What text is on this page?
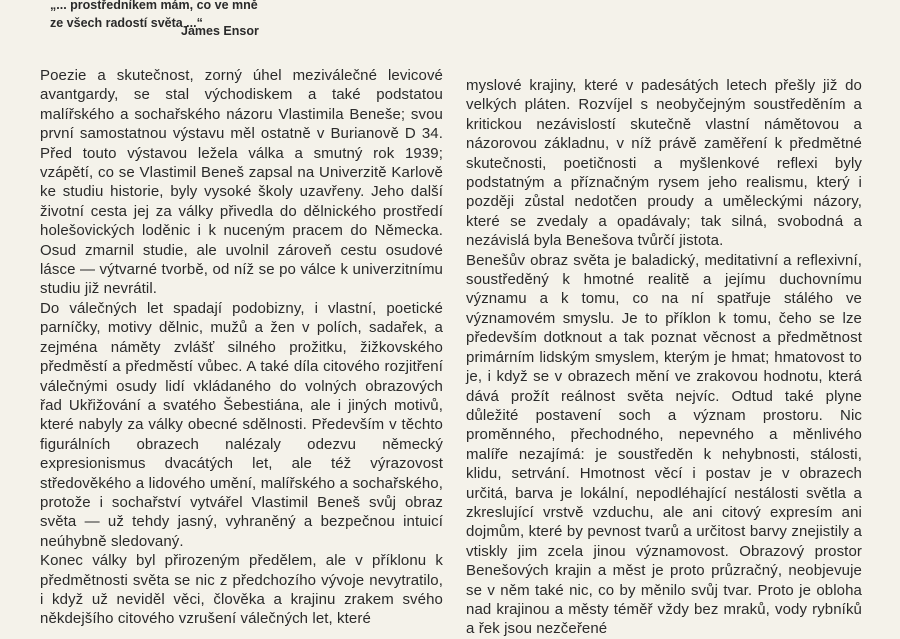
„... prostředníkem mám, co ve mně
ze všech radostí světa ...“
James Ensor

Poezie a skutečnost, zorný úhel meziválečné levicové avantgardy, se stal východiskem a také podstatou malířského a sochařského názoru Vlastimila Beneše; svou první samostatnou výstavu měl ostatně v Burianově D 34. Před touto výstavou ležela válka a smutný rok 1939; vzápětí, co se Vlastimil Beneš zapsal na Univerzitě Karlově ke studiu historie, byly vysoké školy uzavřeny. Jeho další životní cesta jej za války přivedla do dělnického prostředí holešovických loděnic i k nuceným pracem do Německa. Osud zmarnil studie, ale uvolnil zároveň cestu osudové lásce — výtvarné tvorbě, od níž se po válce k univerzitnímu studiu již nevrátil.

Do válečných let spadají podobizny, i vlastní, poetické parníčky, motivy dělnic, mužů a žen v polích, sadařek, a zejména náměty zvlášť silného prožitku, žižkovského předměstí a předměstí vůbec. A také díla citového rozjitření válečnými osudy lidí vkládaného do volných obrazových řad Ukřižování a svatého Šebestiána, ale i jiných motivů, které nabyly za války obecné sdělnosti. Především v těchto figurálních obrazech nalézaly odezvu německý expresionismus dvacátých let, ale též výrazovost středověkého a lidového umění, malířského a sochařského, protože i sochařství vytvářel Vlastimil Beneš svůj obraz světa — už tehdy jasný, vyhraněný a bezpečnou intuicí neúhybně sledovaný.

Konec války byl přirozeným předělem, ale v příklonu k předmětnosti světa se nic z předchozího vývoje nevytratilo, i když už neviděl věci, člověka a krajinu zrakem svého někdejšího citového vzrušení válečných let, které

myslové krajiny, které v padesátých letech přešly již do velkých pláten. Rozvíjel s neobyčejným soustředěním a kritickou nezávislostí skutečně vlastní námětovou a názorovou základnu, v níž právě zaměření k předmětné skutečnosti, poetičnosti a myšlenkové reflexi byly podstatným a příznačným rysem jeho realismu, který i později zůstal nedotčen proudy a uměleckými názory, které se zvedaly a opadávaly; tak silná, svobodná a nezávislá byla Benešova tvůrčí jistota.

Benešův obraz světa je baladický, meditativní a reflexivní, soustředěný k hmotné realitě a jejímu duchovnímu významu a k tomu, co na ní spatřuje stálého ve významovém smyslu. Je to příklon k tomu, čeho se lze především dotknout a tak poznat věcnost a předmětnost primárním lidským smyslem, kterým je hmat; hmatovost to je, i když se v obrazech mění ve zrakovou hodnotu, která dává prožít reálnost světa nejvíc. Odtud také plyne důležité postavení soch a význam prostoru. Nic proměnného, přechodného, nepevného a měnlivého malíře nezajímá: je soustředěn k nehybnosti, stálosti, klidu, setrvání. Hmotnost věcí i postav je v obrazech určitá, barva je lokální, nepodléhající nestálosti světla a zkreslující vrstvě vzduchu, ale ani citový expresím ani dojmům, které by pevnost tvarů a určitost barvy znejistily a vtiskly jim zcela jinou významovost. Obrazový prostor Benešových krajin a měst je proto průzračný, neobjevuje se v něm také nic, co by měnilo svůj tvar. Proto je obloha nad krajinou a městy téměř vždy bez mraků, vody rybníků a řek jsou nezčeřené
